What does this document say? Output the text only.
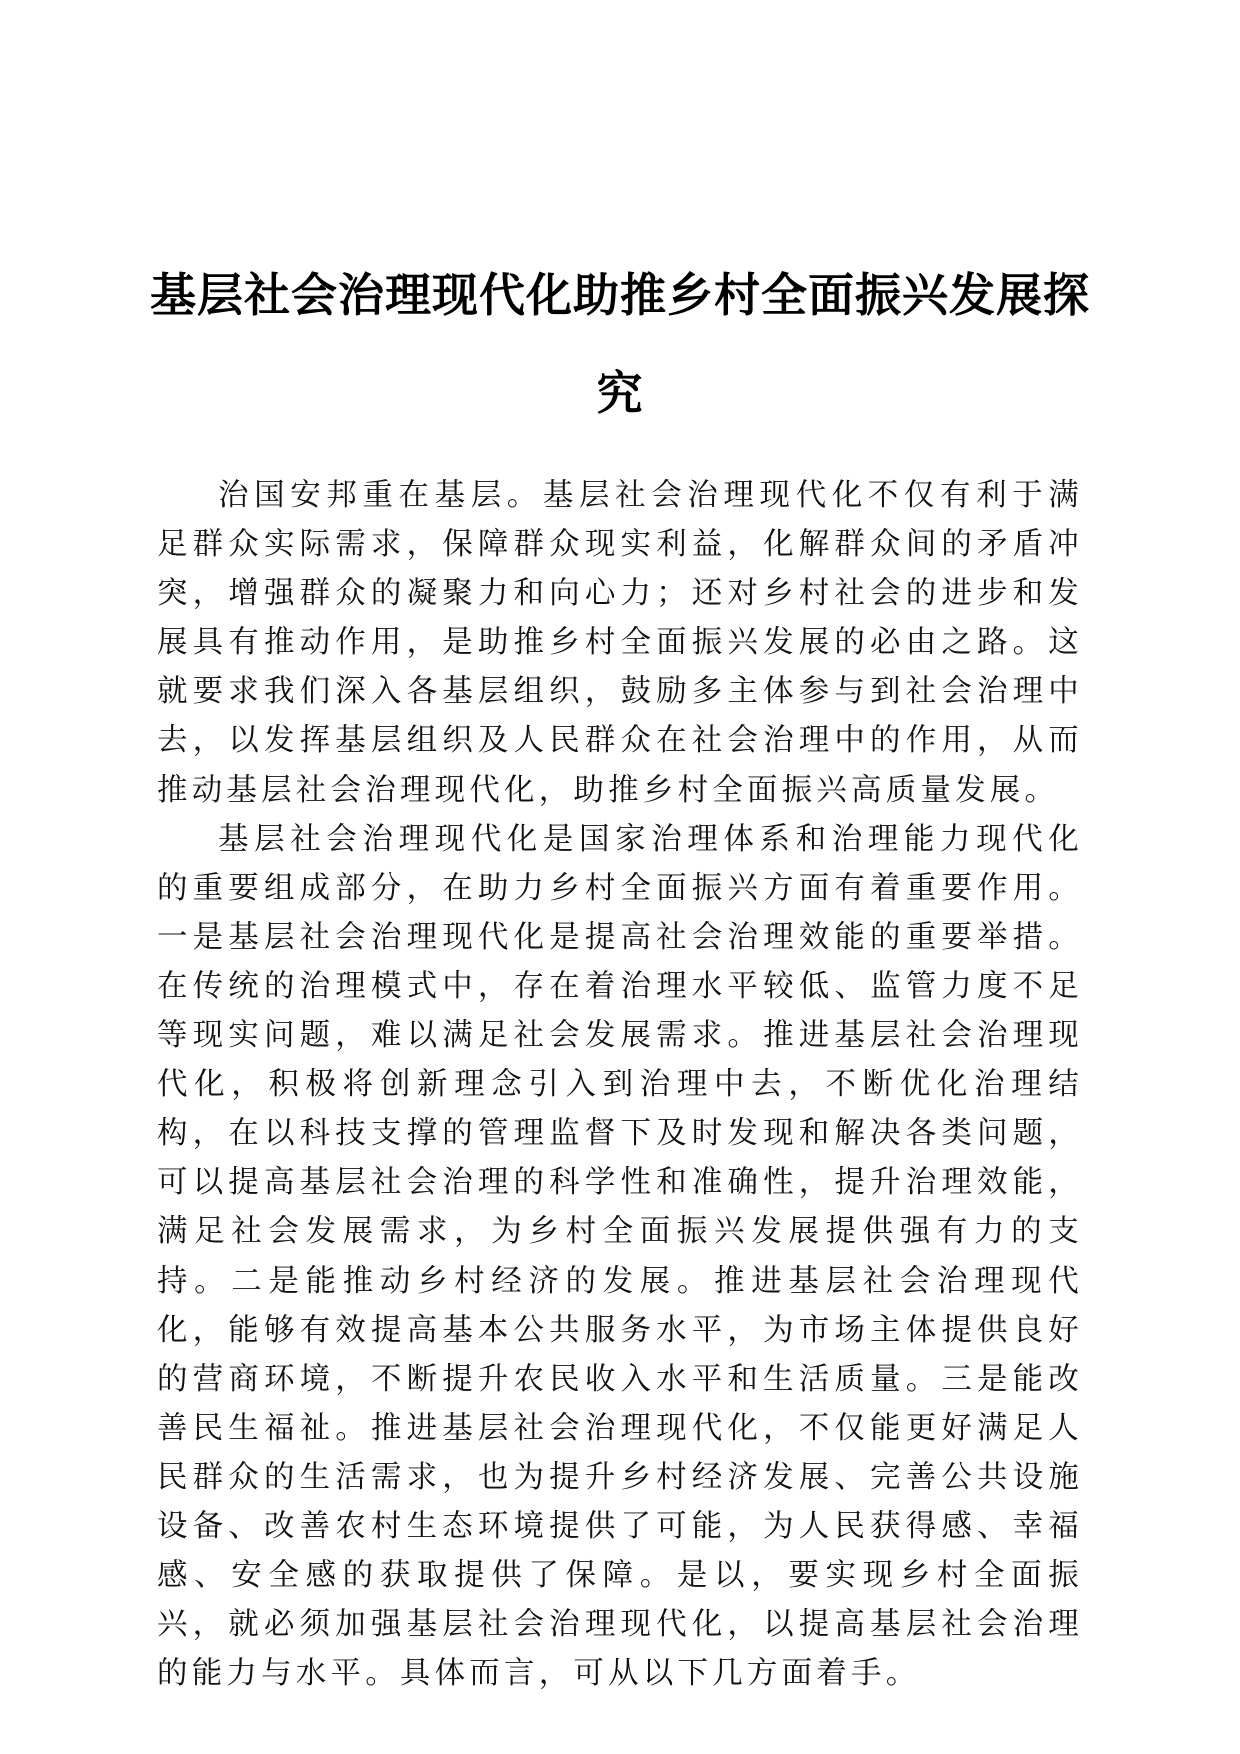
基层社会治理现代化助推乡村全面振兴发展探究

治国安邦重在基层。基层社会治理现代化不仅有利于满足群众实际需求，保障群众现实利益，化解群众间的矛盾冲突，增强群众的凝聚力和向心力；还对乡村社会的进步和发展具有推动作用，是助推乡村全面振兴发展的必由之路。这就要求我们深入各基层组织，鼓励多主体参与到社会治理中去，以发挥基层组织及人民群众在社会治理中的作用，从而推动基层社会治理现代化，助推乡村全面振兴高质量发展。

基层社会治理现代化是国家治理体系和治理能力现代化的重要组成部分，在助力乡村全面振兴方面有着重要作用。一是基层社会治理现代化是提高社会治理效能的重要举措。在传统的治理模式中，存在着治理水平较低、监管力度不足等现实问题，难以满足社会发展需求。推进基层社会治理现代化，积极将创新理念引入到治理中去，不断优化治理结构，在以科技支撑的管理监督下及时发现和解决各类问题，可以提高基层社会治理的科学性和准确性，提升治理效能，满足社会发展需求，为乡村全面振兴发展提供强有力的支持。二是能推动乡村经济的发展。推进基层社会治理现代化，能够有效提高基本公共服务水平，为市场主体提供良好的营商环境，不断提升农民收入水平和生活质量。三是能改善民生福祉。推进基层社会治理现代化，不仅能更好满足人民群众的生活需求，也为提升乡村经济发展、完善公共设施设备、改善农村生态环境提供了可能，为人民获得感、幸福感、安全感的获取提供了保障。是以，要实现乡村全面振兴，就必须加强基层社会治理现代化，以提高基层社会治理的能力与水平。具体而言，可从以下几方面着手。
